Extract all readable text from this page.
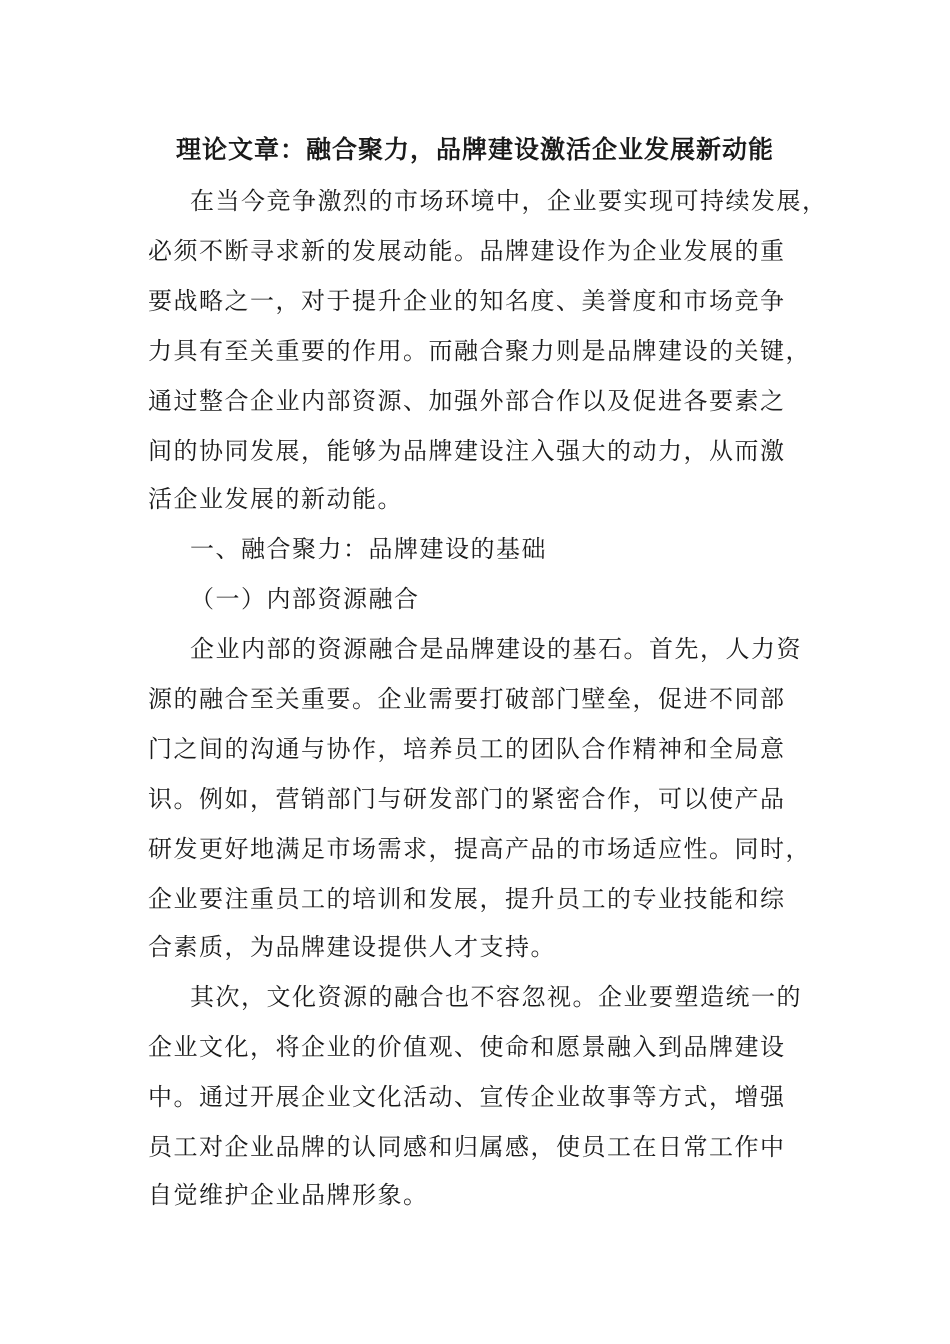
理论文章：融合聚力，品牌建设激活企业发展新动能
在当今竞争激烈的市场环境中，企业要实现可持续发展，
必须不断寻求新的发展动能。品牌建设作为企业发展的重
要战略之一，对于提升企业的知名度、美誉度和市场竞争
力具有至关重要的作用。而融合聚力则是品牌建设的关键，
通过整合企业内部资源、加强外部合作以及促进各要素之
间的协同发展，能够为品牌建设注入强大的动力，从而激
活企业发展的新动能。
一、融合聚力：品牌建设的基础
（一）内部资源融合
企业内部的资源融合是品牌建设的基石。首先，人力资
源的融合至关重要。企业需要打破部门壁垒，促进不同部
门之间的沟通与协作，培养员工的团队合作精神和全局意
识。例如，营销部门与研发部门的紧密合作，可以使产品
研发更好地满足市场需求，提高产品的市场适应性。同时，
企业要注重员工的培训和发展，提升员工的专业技能和综
合素质，为品牌建设提供人才支持。
其次，文化资源的融合也不容忽视。企业要塑造统一的
企业文化，将企业的价值观、使命和愿景融入到品牌建设
中。通过开展企业文化活动、宣传企业故事等方式，增强
员工对企业品牌的认同感和归属感，使员工在日常工作中
自觉维护企业品牌形象。
